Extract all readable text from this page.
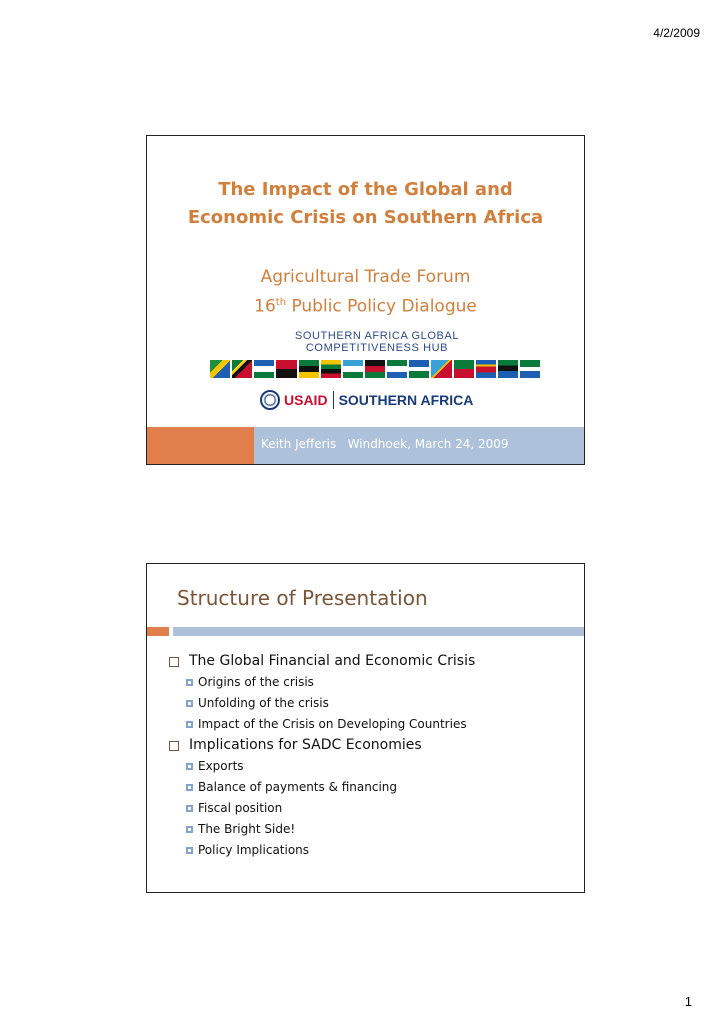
4/2/2009
The Impact of the Global and
Economic Crisis on Southern Africa
Agricultural Trade Forum
16th Public Policy Dialogue
SOUTHERN AFRICA GLOBAL
COMPETITIVENESS HUB
USAID SOUTHERN AFRICA
Keith Jefferis   Windhoek, March 24, 2009
Structure of Presentation
The Global Financial and Economic Crisis
Origins of the crisis
Unfolding of the crisis
Impact of the Crisis on Developing Countries
Implications for SADC Economies
Exports
Balance of payments & financing
Fiscal position
The Bright Side!
Policy Implications
1
